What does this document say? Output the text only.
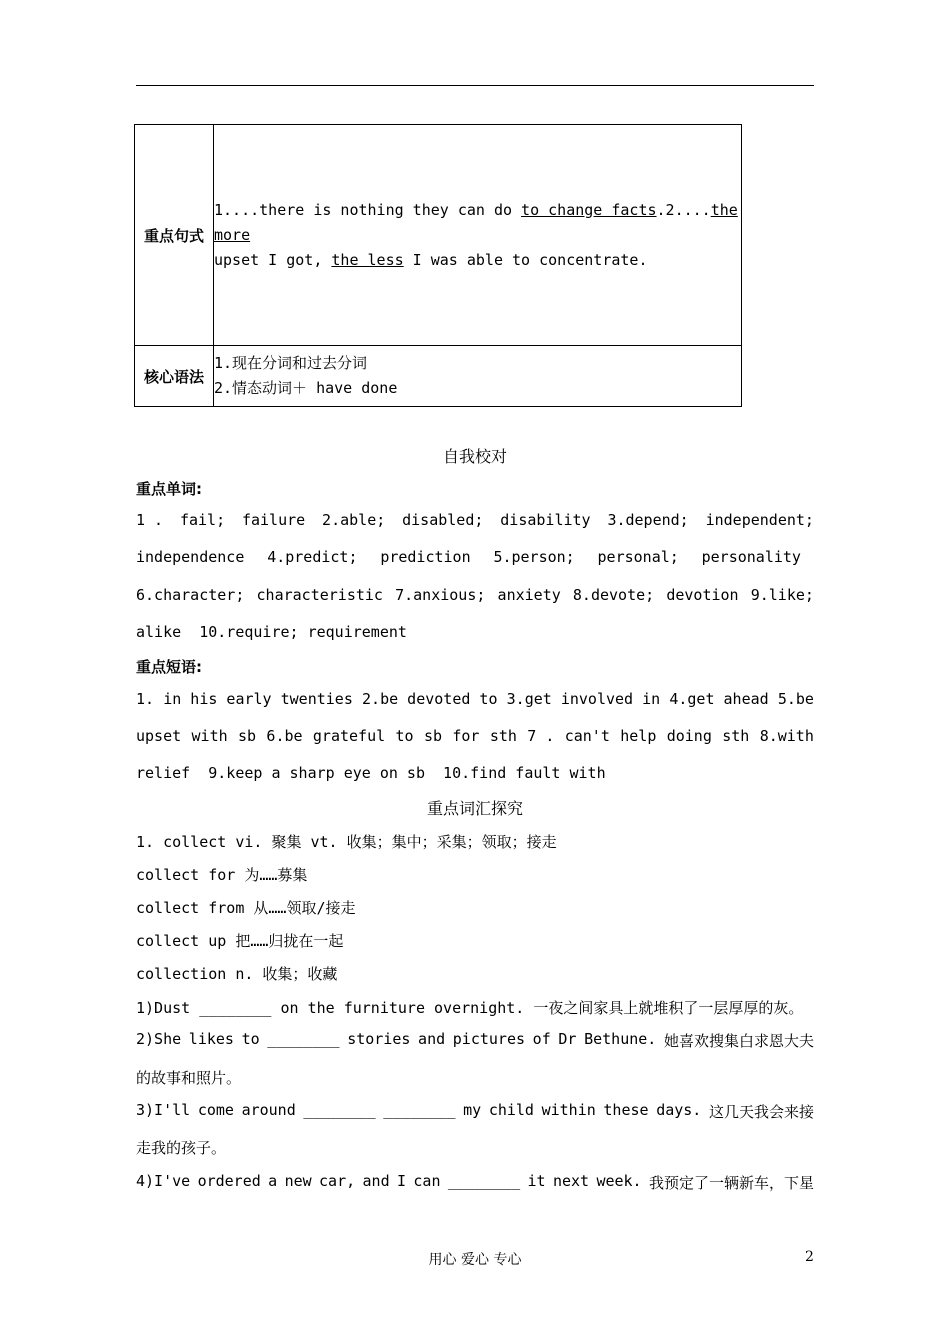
重点句式	1....there is nothing they can do to change facts.2....the more
upset I got, the less I was able to concentrate.

核心语法	1.现在分词和过去分词
2.情态动词＋ have done
自我校对
重点单词:
1 . fail; failure 2.able; disabled; disability 3.depend; independent;
independence 4.predict; prediction 5.person; personal; personality
6.character; characteristic 7.anxious; anxiety 8.devote; devotion 9.like;
alike  10.require; requirement
重点短语:
1. in his early twenties 2.be devoted to 3.get involved in 4.get ahead 5.be
upset with sb 6.be grateful to sb for sth 7 . can't help doing sth 8.with
relief  9.keep a sharp eye on sb  10.find fault with
重点词汇探究
1. collect vi. 聚集 vt. 收集；集中；采集；领取；接走
collect for 为……募集
collect from 从……领取/接走
collect up 把……归拢在一起
collection n. 收集；收藏
1)Dust ________ on the furniture overnight. 一夜之间家具上就堆积了一层厚厚的灰。
2)She likes to ________ stories and pictures of Dr Bethune. 她喜欢搜集白求恩大夫
的故事和照片。
3)I'll come around ________ ________ my child within these days. 这几天我会来接
走我的孩子。
4)I've ordered a new car, and I can ________ it next week. 我预定了一辆新车，下星
用心 爱心 专心	2
